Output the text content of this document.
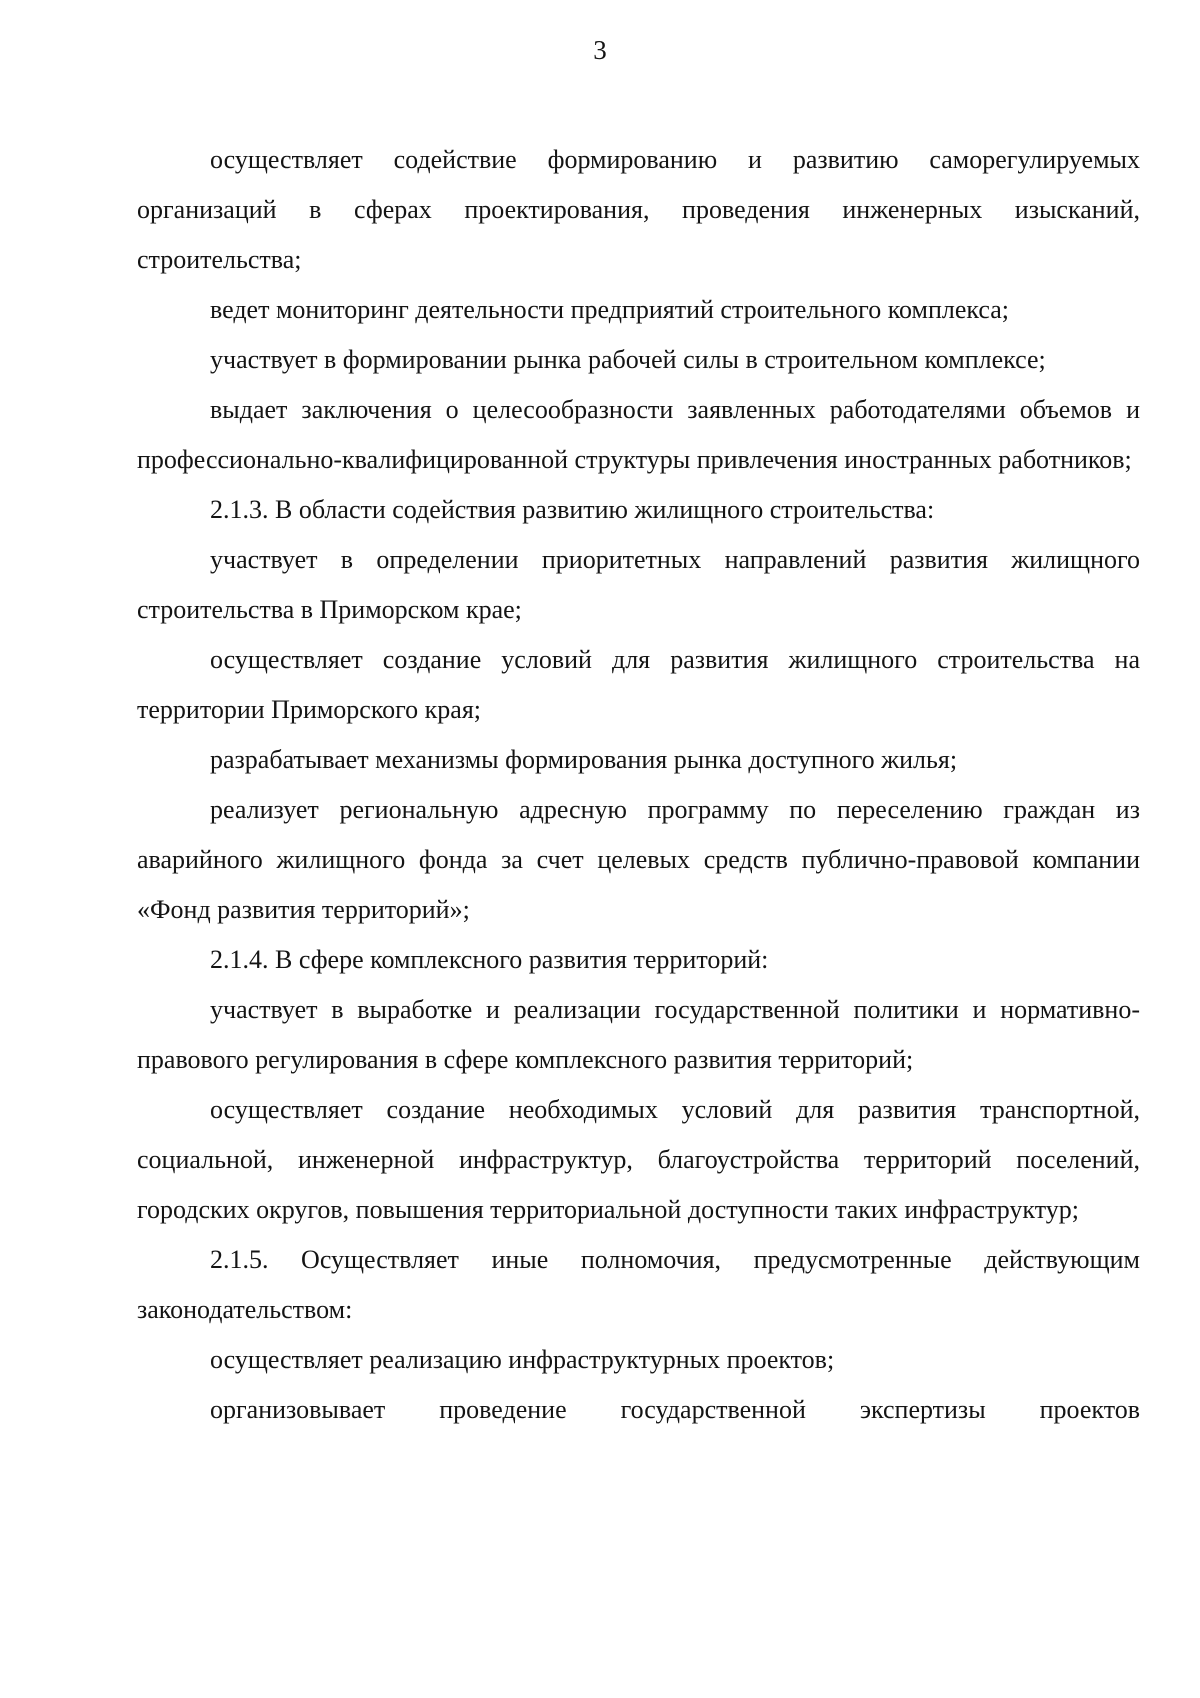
3

осуществляет содействие формированию и развитию саморегулируемых организаций в сферах проектирования, проведения инженерных изысканий, строительства;

ведет мониторинг деятельности предприятий строительного комплекса;

участвует в формировании рынка рабочей силы в строительном комплексе;

выдает заключения о целесообразности заявленных работодателями объемов и профессионально-квалифицированной структуры привлечения иностранных работников;

2.1.3. В области содействия развитию жилищного строительства:

участвует в определении приоритетных направлений развития жилищного строительства в Приморском крае;

осуществляет создание условий для развития жилищного строительства на территории Приморского края;

разрабатывает механизмы формирования рынка доступного жилья;

реализует региональную адресную программу по переселению граждан из аварийного жилищного фонда за счет целевых средств публично-правовой компании «Фонд развития территорий»;

2.1.4. В сфере комплексного развития территорий:

участвует в выработке и реализации государственной политики и нормативно-правового регулирования в сфере комплексного развития территорий;

осуществляет создание необходимых условий для развития транспортной, социальной, инженерной инфраструктур, благоустройства территорий поселений, городских округов, повышения территориальной доступности таких инфраструктур;

2.1.5. Осуществляет иные полномочия, предусмотренные действующим законодательством:

осуществляет реализацию инфраструктурных проектов;

организовывает проведение государственной экспертизы проектов
